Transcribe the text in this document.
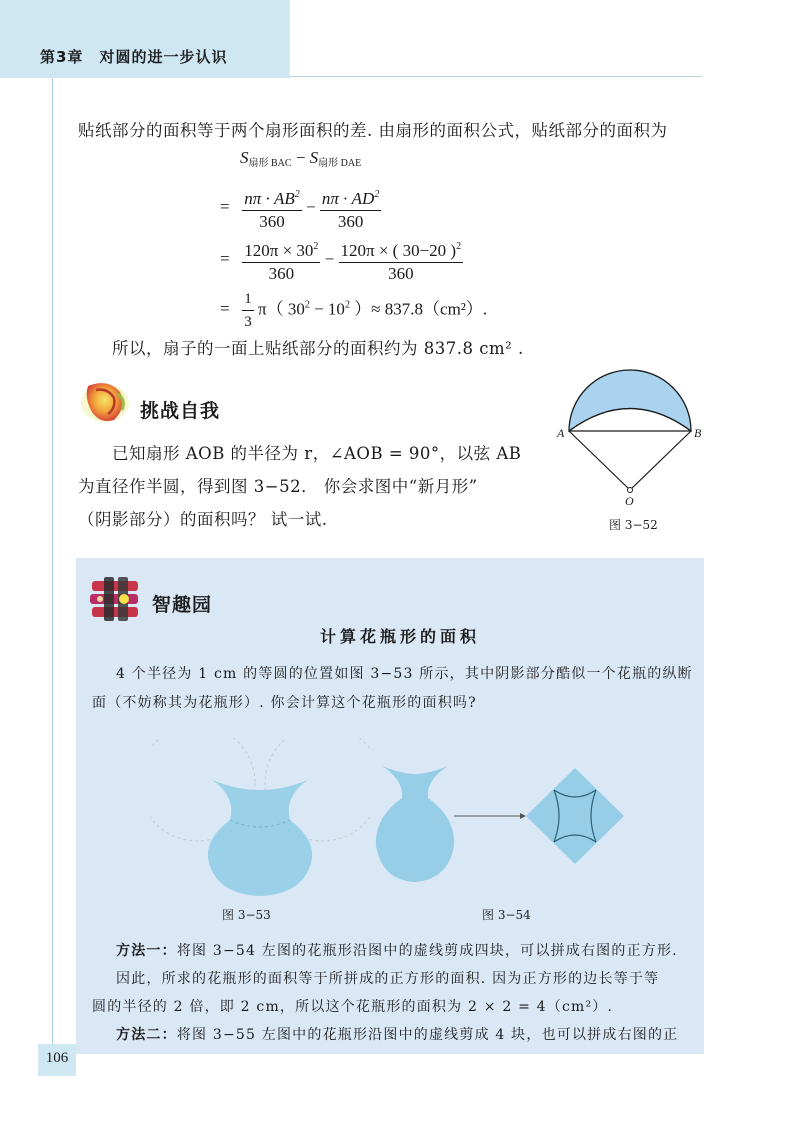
第3章 对圆的进一步认识
贴纸部分的面积等于两个扇形面积的差. 由扇形的面积公式，贴纸部分的面积为
$S_{扇形 BAC} - S_{扇形 DAE}$
= $\frac{n\pi \cdot AB^2}{360} - \frac{n\pi \cdot AD^2}{360}$
= $\frac{120\pi \times 30^2}{360} - \frac{120\pi \times ( 30-20 )^2}{360}$
= $\frac{1}{3} \pi$（ $30^2 - 10^2$ ）≈ 837.8（cm²）.
所以，扇子的一面上贴纸部分的面积约为 837.8 cm² .
挑战自我
已知扇形 AOB 的半径为 r，∠AOB = 90°，以弦 AB
为直径作半圆，得到图 3−52． 你会求图中“新月形”
（阴影部分）的面积吗？ 试一试.
A	B
O
图 3−52
智趣园
计算花瓶形的面积
4 个半径为 1 cm 的等圆的位置如图 3−53 所示，其中阴影部分酷似一个花瓶的纵断
面（不妨称其为花瓶形）. 你会计算这个花瓶形的面积吗?
图 3−53	图 3−54
方法一：将图 3−54 左图的花瓶形沿图中的虚线剪成四块，可以拼成右图的正方形.
因此，所求的花瓶形的面积等于所拼成的正方形的面积. 因为正方形的边长等于等
圆的半径的 2 倍，即 2 cm，所以这个花瓶形的面积为 2 × 2 = 4（cm²）.
方法二：将图 3−55 左图中的花瓶形沿图中的虚线剪成 4 块，也可以拼成右图的正
106
